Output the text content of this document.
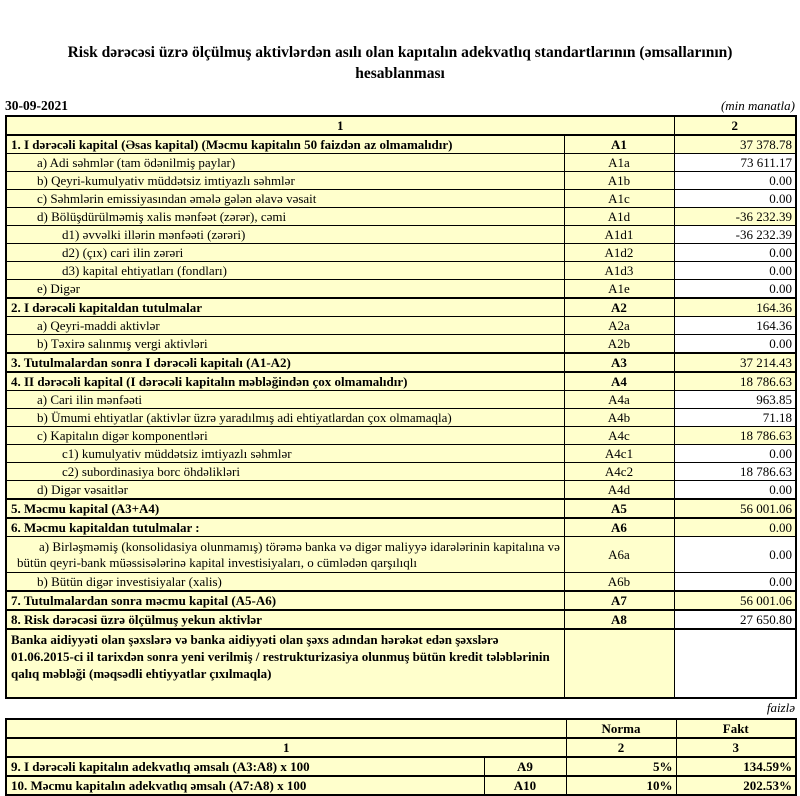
Risk dərəcəsi üzrə ölçülmuş aktivlərdən asılı olan kapıtalın adekvatlıq standartlarının (əmsallarının)
hesablanması
30-09-2021	(min manatla)
1		2
1. I dərəcəli kapital (Əsas kapital) (Məcmu kapitalın 50 faizdən az olmamalıdır)	A1	37 378.78
a) Adi səhmlər (tam ödənilmiş paylar)	A1a	73 611.17
b) Qeyri-kumulyativ müddətsiz imtiyazlı səhmlər	A1b	0.00
c) Səhmlərin emissiyasından əmələ gələn əlavə vəsait	A1c	0.00
d) Bölüşdürülməmiş xalis mənfəət (zərər), cəmi	A1d	-36 232.39
d1) əvvəlki illərin mənfəəti (zərəri)	A1d1	-36 232.39
d2) (çıx) cari ilin zərəri	A1d2	0.00
d3) kapital ehtiyatları (fondları)	A1d3	0.00
e) Digər	A1e	0.00
2. I dərəcəli kapitaldan tutulmalar	A2	164.36
a) Qeyri-maddi aktivlər	A2a	164.36
b) Təxirə salınmış vergi aktivləri	A2b	0.00
3. Tutulmalardan sonra I dərəcəli kapitalı (A1-A2)	A3	37 214.43
4. II dərəcəli kapital (I dərəcəli kapitalın məbləğindən çox olmamalıdır)	A4	18 786.63
a) Cari ilin mənfəəti	A4a	963.85
b) Ümumi ehtiyatlar (aktivlər üzrə yaradılmış adi ehtiyatlardan çox olmamaqla)	A4b	71.18
c) Kapitalın digər komponentləri	A4c	18 786.63
c1) kumulyativ müddətsiz imtiyazlı səhmlər	A4c1	0.00
c2) subordinasiya borc öhdəlikləri	A4c2	18 786.63
d) Digər vəsaitlər	A4d	0.00
5. Məcmu kapital (A3+A4)	A5	56 001.06
6. Məcmu kapitaldan tutulmalar :	A6	0.00
a) Birləşməmiş (konsolidasiya olunmamış) törəmə banka və digər maliyyə idarələrinin kapitalına və bütün qeyri-bank müəssisələrinə kapital investisiyaları, o cümlədən qarşılıqlı	A6a	0.00
b) Bütün digər investisiyalar (xalis)	A6b	0.00
7. Tutulmalardan sonra məcmu kapital (A5-A6)	A7	56 001.06
8. Risk dərəcəsi üzrə ölçülmuş yekun aktivlər	A8	27 650.80
Banka aidiyyəti olan şəxslərə və banka aidiyyəti olan şəxs adından hərəkət edən şəxslərə 01.06.2015-ci il tarixdən sonra yeni verilmiş / restrukturizasiya olunmuş bütün kredit tələblərinin qalıq məbləği (məqsədli ehtiyyatlar çıxılmaqla)		
faizlə
		Norma	Fakt
1		2	3
9. I dərəcəli kapitalın adekvatlıq əmsalı (A3:A8) x 100	A9	5%	134.59%
10. Məcmu kapitalın adekvatlıq əmsalı (A7:A8) x 100	A10	10%	202.53%
